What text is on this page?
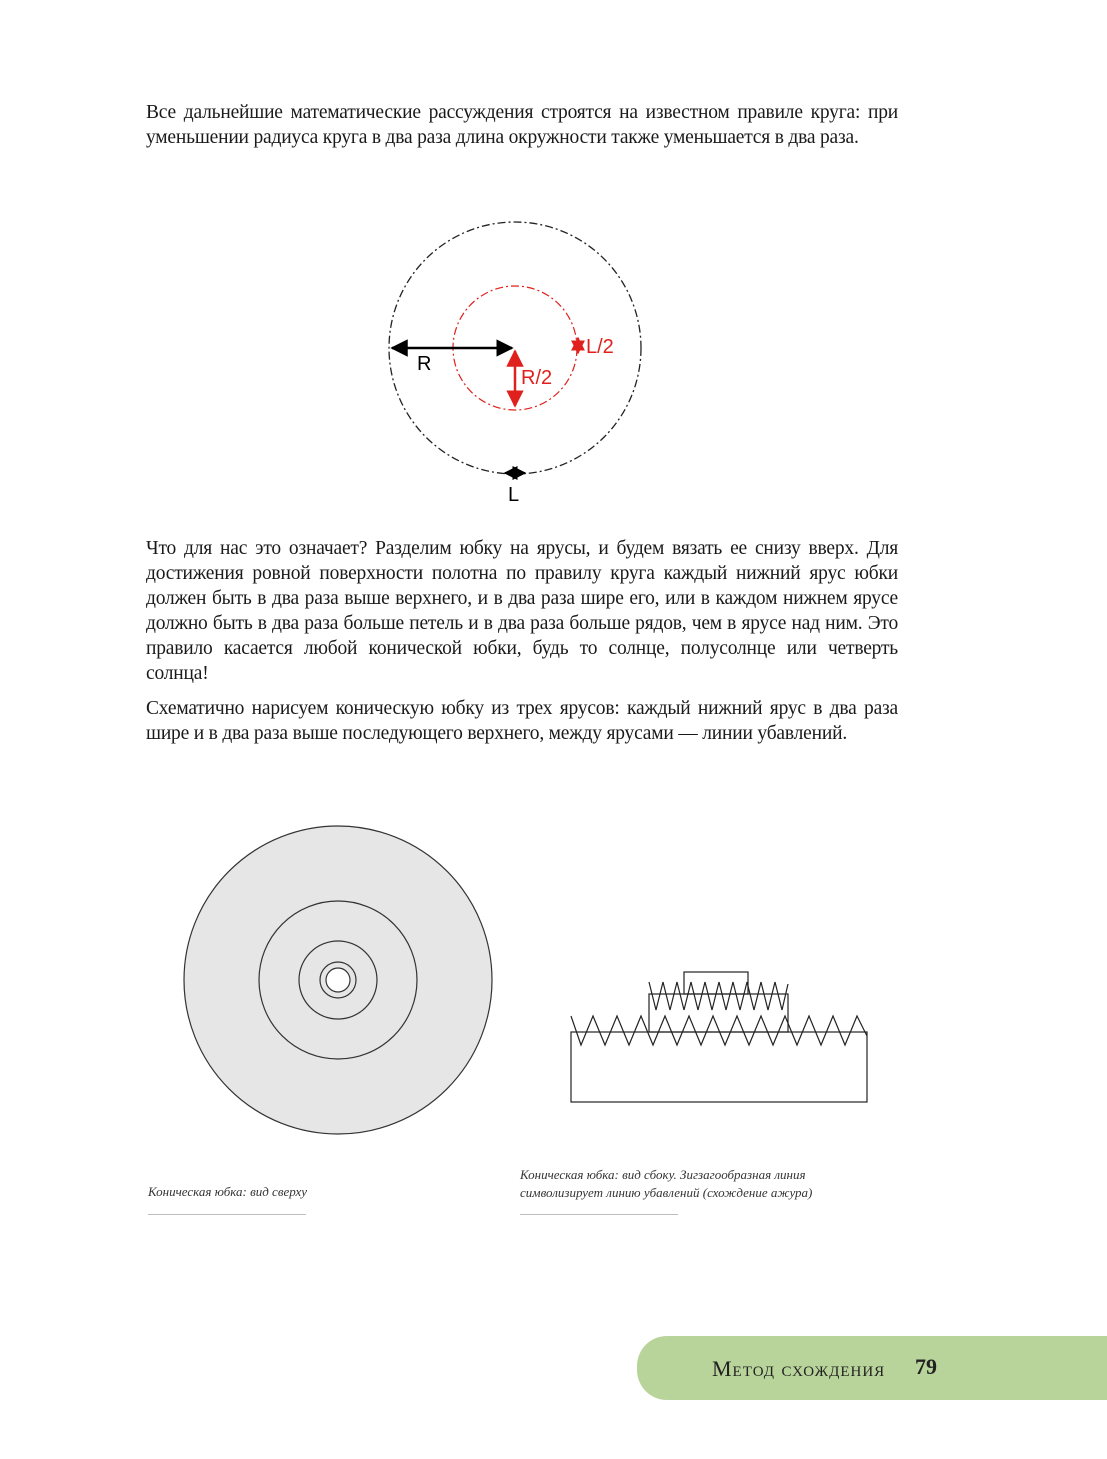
Все дальнейшие математические рассуждения строятся на известном правиле круга: при уменьшении радиуса круга в два раза длина окружности также уменьшается в два раза.

R
R/2
L/2
L

Что для нас это означает? Разделим юбку на ярусы, и будем вязать ее снизу вверх. Для достижения ровной поверхности полотна по правилу круга каждый нижний ярус юбки должен быть в два раза выше верхнего, и в два раза шире его, или в каждом нижнем ярусе должно быть в два раза больше петель и в два раза больше рядов, чем в ярусе над ним. Это правило касается любой конической юбки, будь то солнце, полусолнце или четверть солнца!

Схематично нарисуем коническую юбку из трех ярусов: каждый нижний ярус в два раза шире и в два раза выше последующего верхнего, между ярусами — линии убавлений.

Коническая юбка: вид сверху
Коническая юбка: вид сбоку. Зигзагообразная линия символизирует линию убавлений (схождение ажура)
Метод схождения 79
